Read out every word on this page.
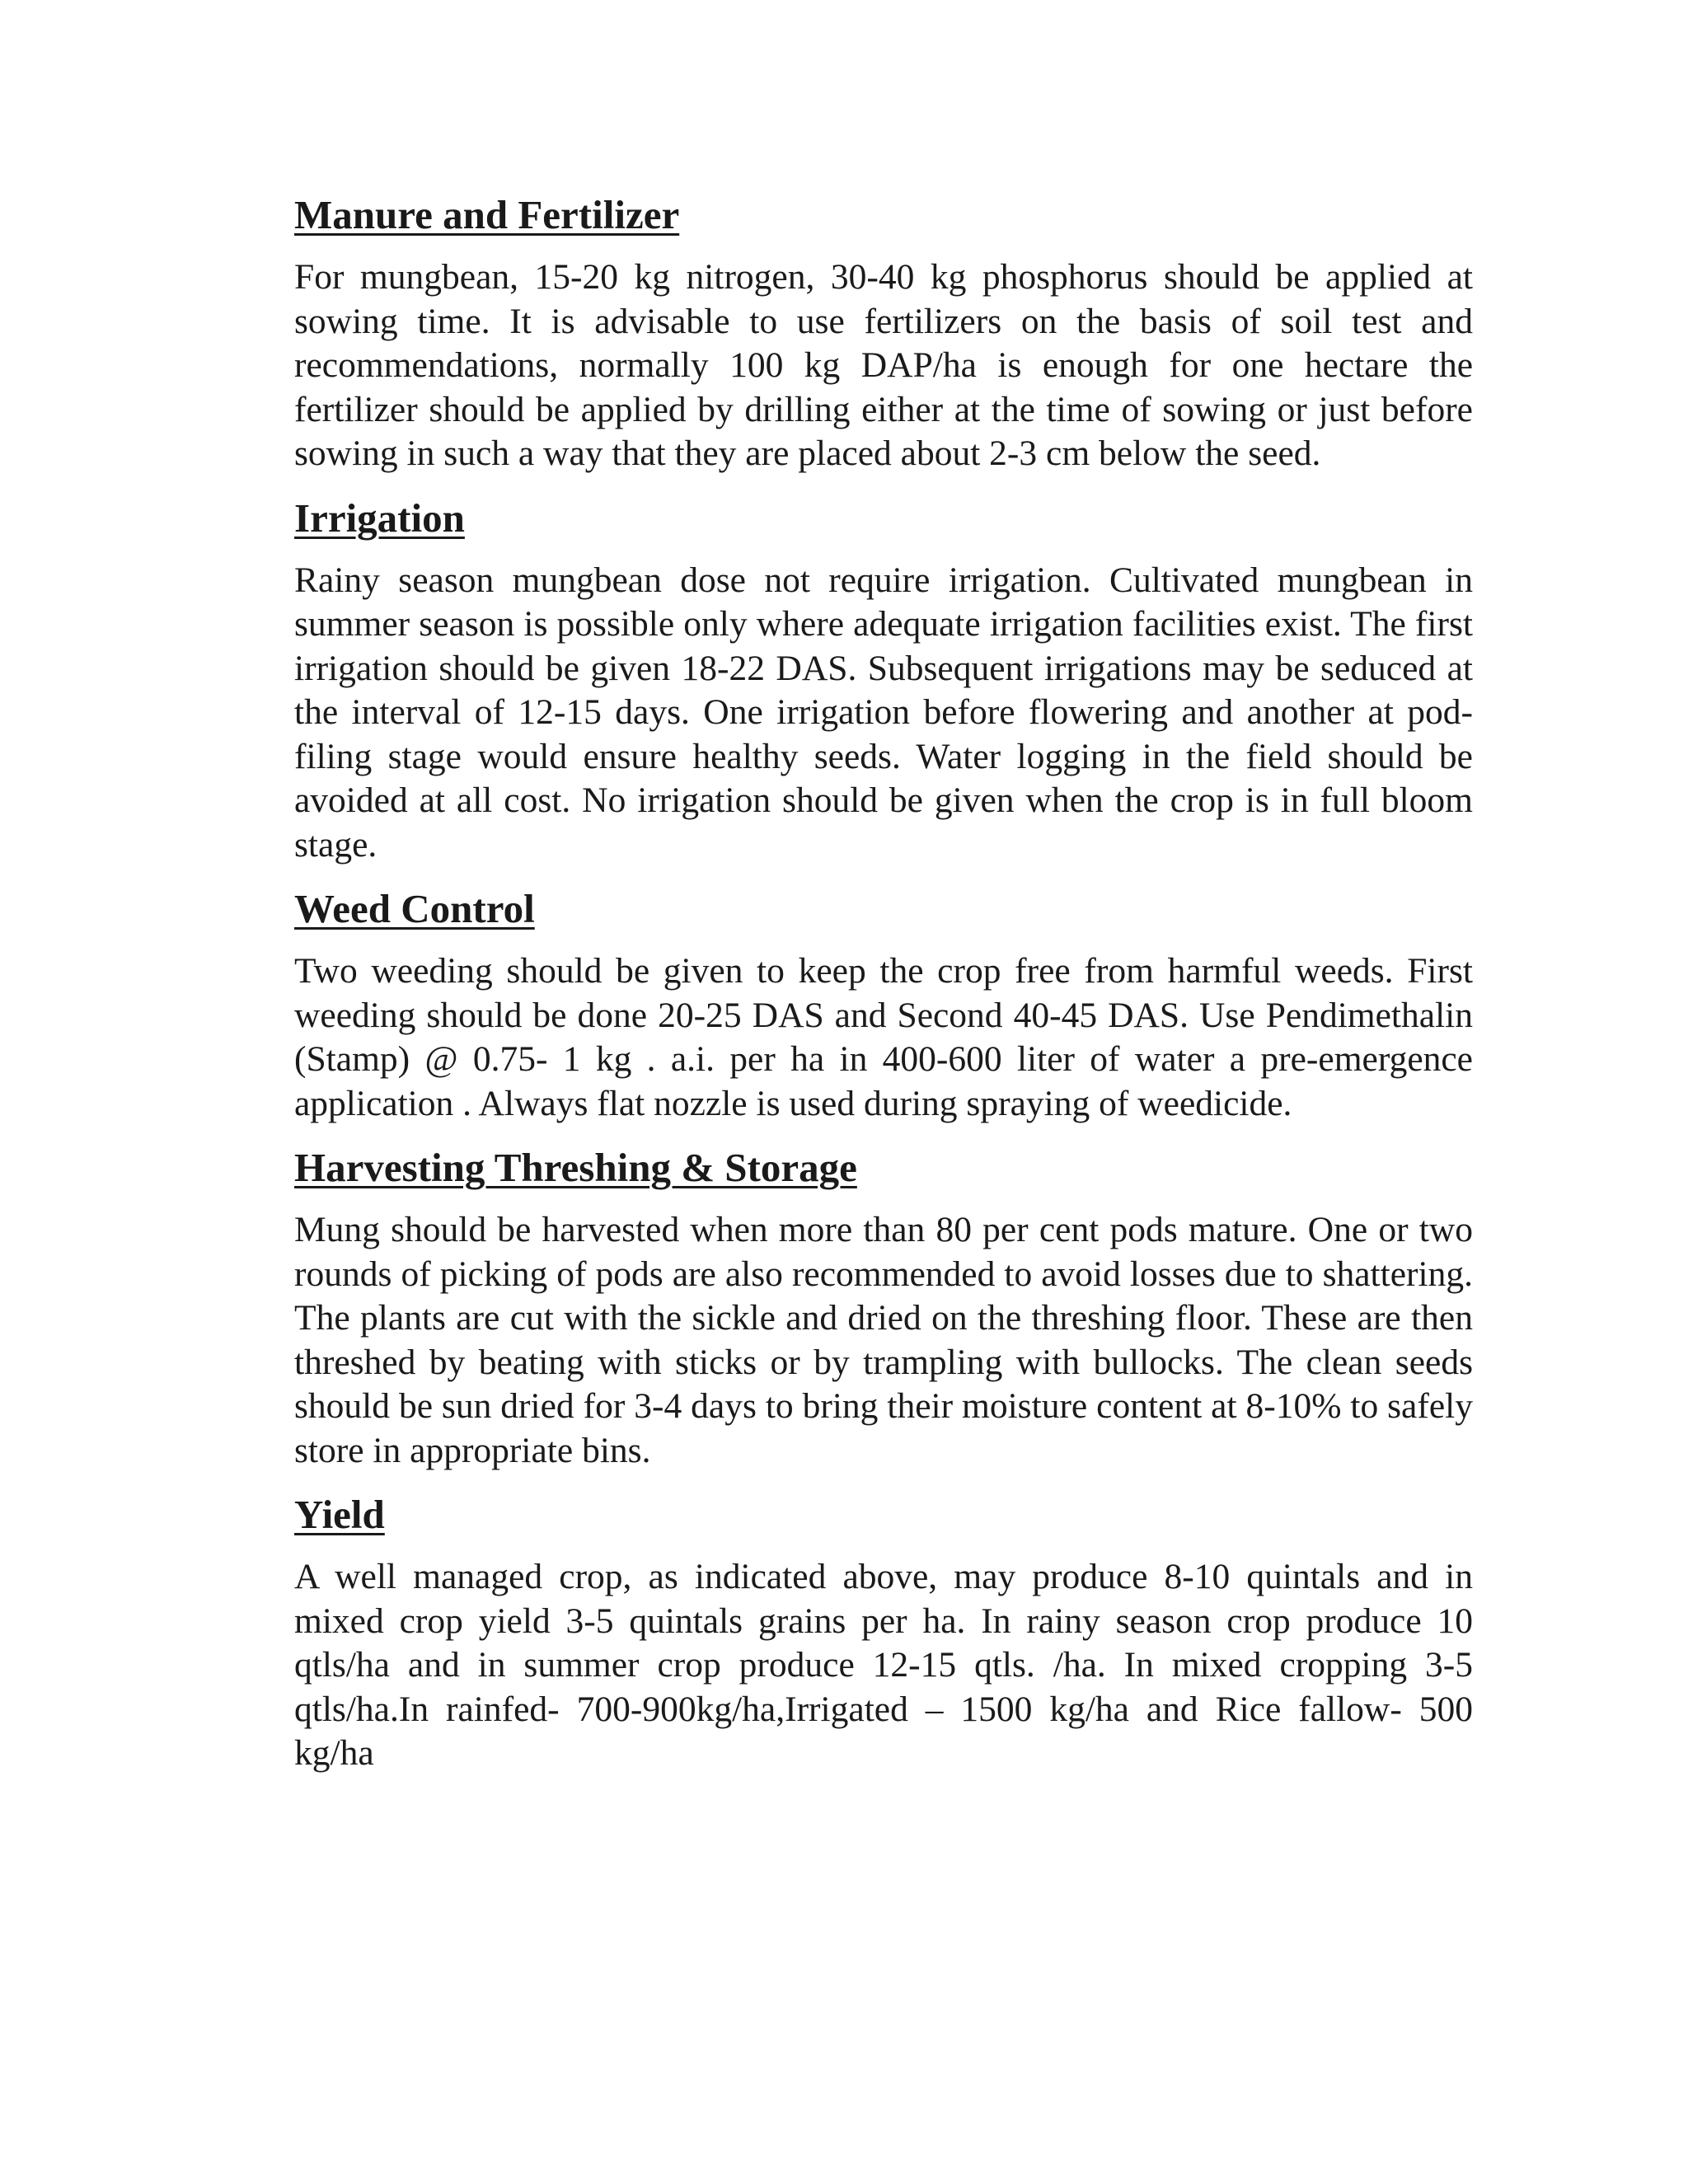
Manure and Fertilizer

For mungbean, 15-20 kg nitrogen, 30-40 kg phosphorus should be applied at sowing time. It is advisable to use fertilizers on the basis of soil test and recommendations, normally 100 kg DAP/ha is enough for one hectare the fertilizer should be applied by drilling either at the time of sowing or just before sowing in such a way that they are placed about 2-3 cm below the seed.

Irrigation

Rainy season mungbean dose not require irrigation. Cultivated mungbean in summer season is possible only where adequate irrigation facilities exist. The first irrigation should be given 18-22 DAS. Subsequent irrigations may be seduced at the interval of 12-15 days. One irrigation before flowering and another at pod-filing stage would ensure healthy seeds. Water logging in the field should be avoided at all cost. No irrigation should be given when the crop is in full bloom stage.

Weed Control

Two weeding should be given to keep the crop free from harmful weeds. First weeding should be done 20-25 DAS and Second 40-45 DAS. Use Pendimethalin (Stamp) @ 0.75- 1 kg . a.i. per ha in 400-600 liter of water a pre-emergence application . Always flat nozzle is used during spraying of weedicide.

Harvesting Threshing & Storage

Mung should be harvested when more than 80 per cent pods mature. One or two rounds of picking of pods are also recommended to avoid losses due to shattering. The plants are cut with the sickle and dried on the threshing floor. These are then threshed by beating with sticks or by trampling with bullocks. The clean seeds should be sun dried for 3-4 days to bring their moisture content at 8-10% to safely store in appropriate bins.

Yield

A well managed crop, as indicated above, may produce 8-10 quintals and in mixed crop yield 3-5 quintals grains per ha. In rainy season crop produce 10 qtls/ha and in summer crop produce 12-15 qtls. /ha. In mixed cropping 3-5 qtls/ha.In rainfed- 700-900kg/ha,Irrigated – 1500 kg/ha and Rice fallow- 500 kg/ha
